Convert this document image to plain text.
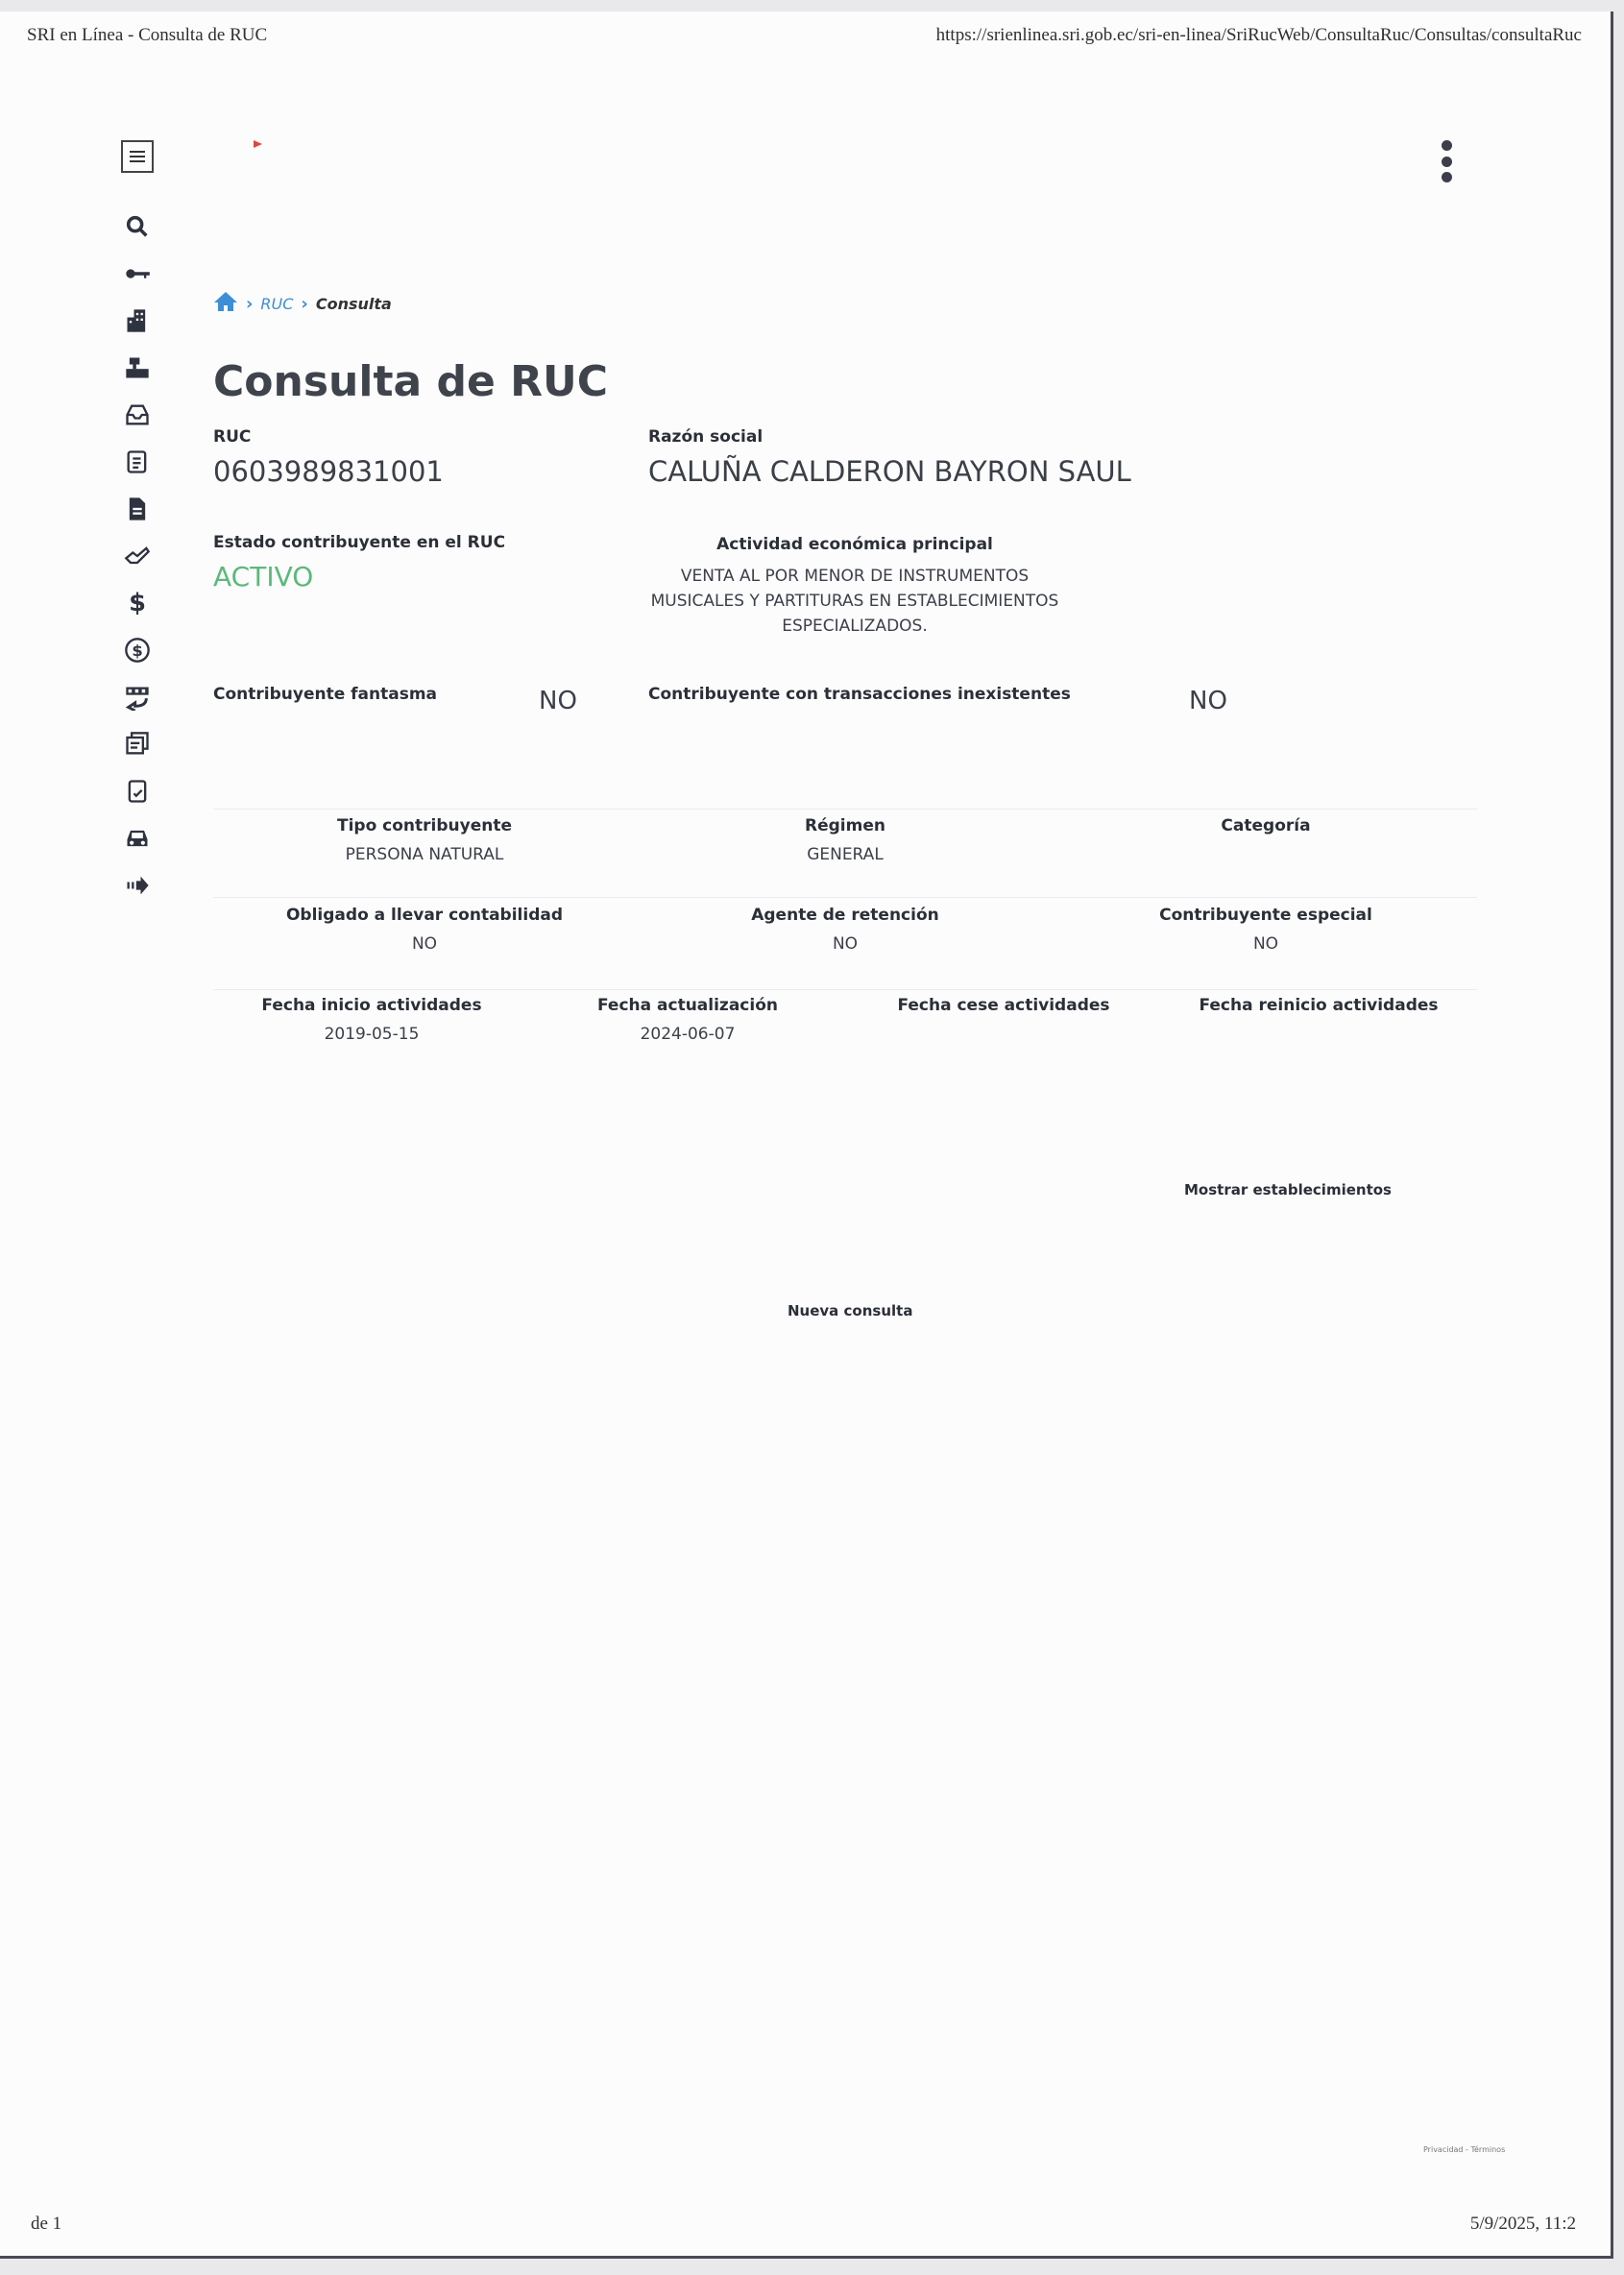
SRI en Línea - Consulta de RUC	https://srienlinea.sri.gob.ec/sri-en-linea/SriRucWeb/ConsultaRuc/Consultas/consultaRuc
$
$
› RUC › Consulta
Consulta de RUC
RUC
0603989831001
Razón social
CALUÑA CALDERON BAYRON SAUL
Estado contribuyente en el RUC
ACTIVO
Actividad económica principal
VENTA AL POR MENOR DE INSTRUMENTOS MUSICALES Y PARTITURAS EN ESTABLECIMIENTOS ESPECIALIZADOS.
Contribuyente fantasma	NO	Contribuyente con transacciones inexistentes	NO
Tipo contribuyente
PERSONA NATURAL
Régimen
GENERAL
Categoría
Obligado a llevar contabilidad
NO
Agente de retención
NO
Contribuyente especial
NO
Fecha inicio actividades
2019-05-15
Fecha actualización
2024-06-07
Fecha cese actividades	Fecha reinicio actividades
Mostrar establecimientos
Nueva consulta
Privacidad - Términos
de 1	5/9/2025, 11:2
